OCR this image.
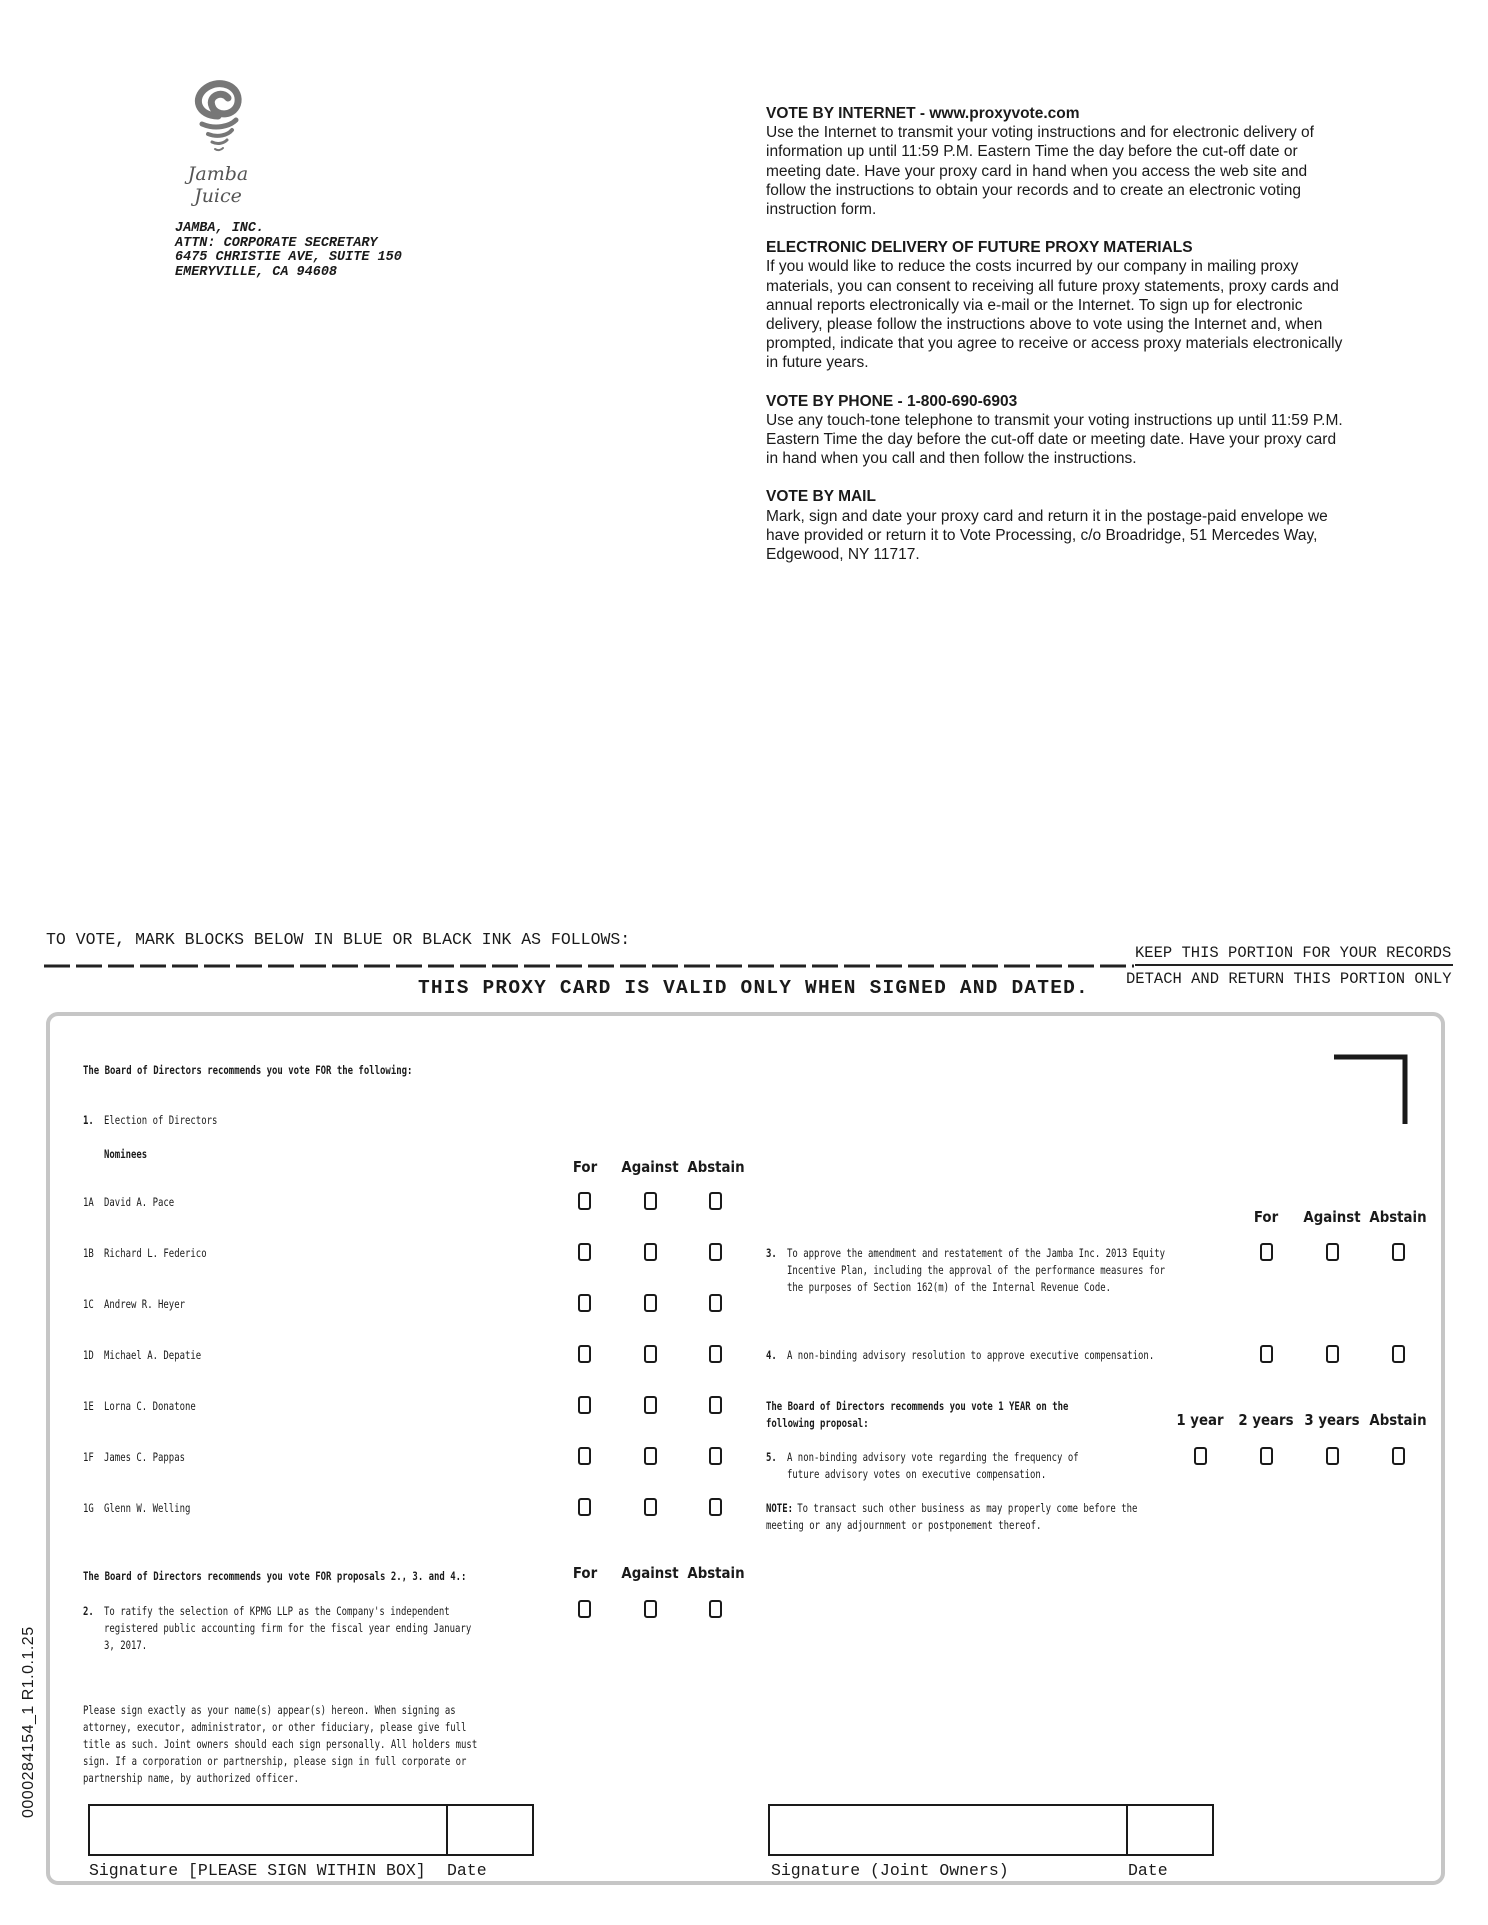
Jamba
Juice
JAMBA, INC.
ATTN: CORPORATE SECRETARY
6475 CHRISTIE AVE, SUITE 150
EMERYVILLE, CA 94608
VOTE BY INTERNET - www.proxyvote.com
Use the Internet to transmit your voting instructions and for electronic delivery of information up until 11:59 P.M. Eastern Time the day before the cut-off date or meeting date. Have your proxy card in hand when you access the web site and follow the instructions to obtain your records and to create an electronic voting instruction form.
ELECTRONIC DELIVERY OF FUTURE PROXY MATERIALS
If you would like to reduce the costs incurred by our company in mailing proxy materials, you can consent to receiving all future proxy statements, proxy cards and annual reports electronically via e-mail or the Internet. To sign up for electronic delivery, please follow the instructions above to vote using the Internet and, when prompted, indicate that you agree to receive or access proxy materials electronically in future years.
VOTE BY PHONE - 1-800-690-6903
Use any touch-tone telephone to transmit your voting instructions up until 11:59 P.M. Eastern Time the day before the cut-off date or meeting date. Have your proxy card in hand when you call and then follow the instructions.
VOTE BY MAIL
Mark, sign and date your proxy card and return it in the postage-paid envelope we have provided or return it to Vote Processing, c/o Broadridge, 51 Mercedes Way, Edgewood, NY 11717.
TO VOTE, MARK BLOCKS BELOW IN BLUE OR BLACK INK AS FOLLOWS:
KEEP THIS PORTION FOR YOUR RECORDS
DETACH AND RETURN THIS PORTION ONLY
THIS PROXY CARD IS VALID ONLY WHEN SIGNED AND DATED.
The Board of Directors recommends you vote FOR the following:
1. Election of Directors
Nominees
For	Against Abstain
1A David A. Pace
1B Richard L. Federico
1C Andrew R. Heyer
1D Michael A. Depatie
1E Lorna C. Donatone
1F James C. Pappas
1G Glenn W. Welling
The Board of Directors recommends you vote FOR proposals 2., 3. and 4.:	For	Against Abstain
2. To ratify the selection of KPMG LLP as the Company's independent
registered public accounting firm for the fiscal year ending January
3, 2017.
For	Against Abstain
3. To approve the amendment and restatement of the Jamba Inc. 2013 Equity
Incentive Plan, including the approval of the performance measures for
the purposes of Section 162(m) of the Internal Revenue Code.
4. A non-binding advisory resolution to approve executive compensation.
The Board of Directors recommends you vote 1 YEAR on the
following proposal:	1 year 2 years 3 years Abstain
5. A non-binding advisory vote regarding the frequency of
future advisory votes on executive compensation.
NOTE: To transact such other business as may properly come before the
meeting or any adjournment or postponement thereof.
Please sign exactly as your name(s) appear(s) hereon. When signing as
attorney, executor, administrator, or other fiduciary, please give full
title as such. Joint owners should each sign personally. All holders must
sign. If a corporation or partnership, please sign in full corporate or
partnership name, by authorized officer.
Signature [PLEASE SIGN WITHIN BOX] Date	Signature (Joint Owners)	Date
0000284154_1 R1.0.1.25
